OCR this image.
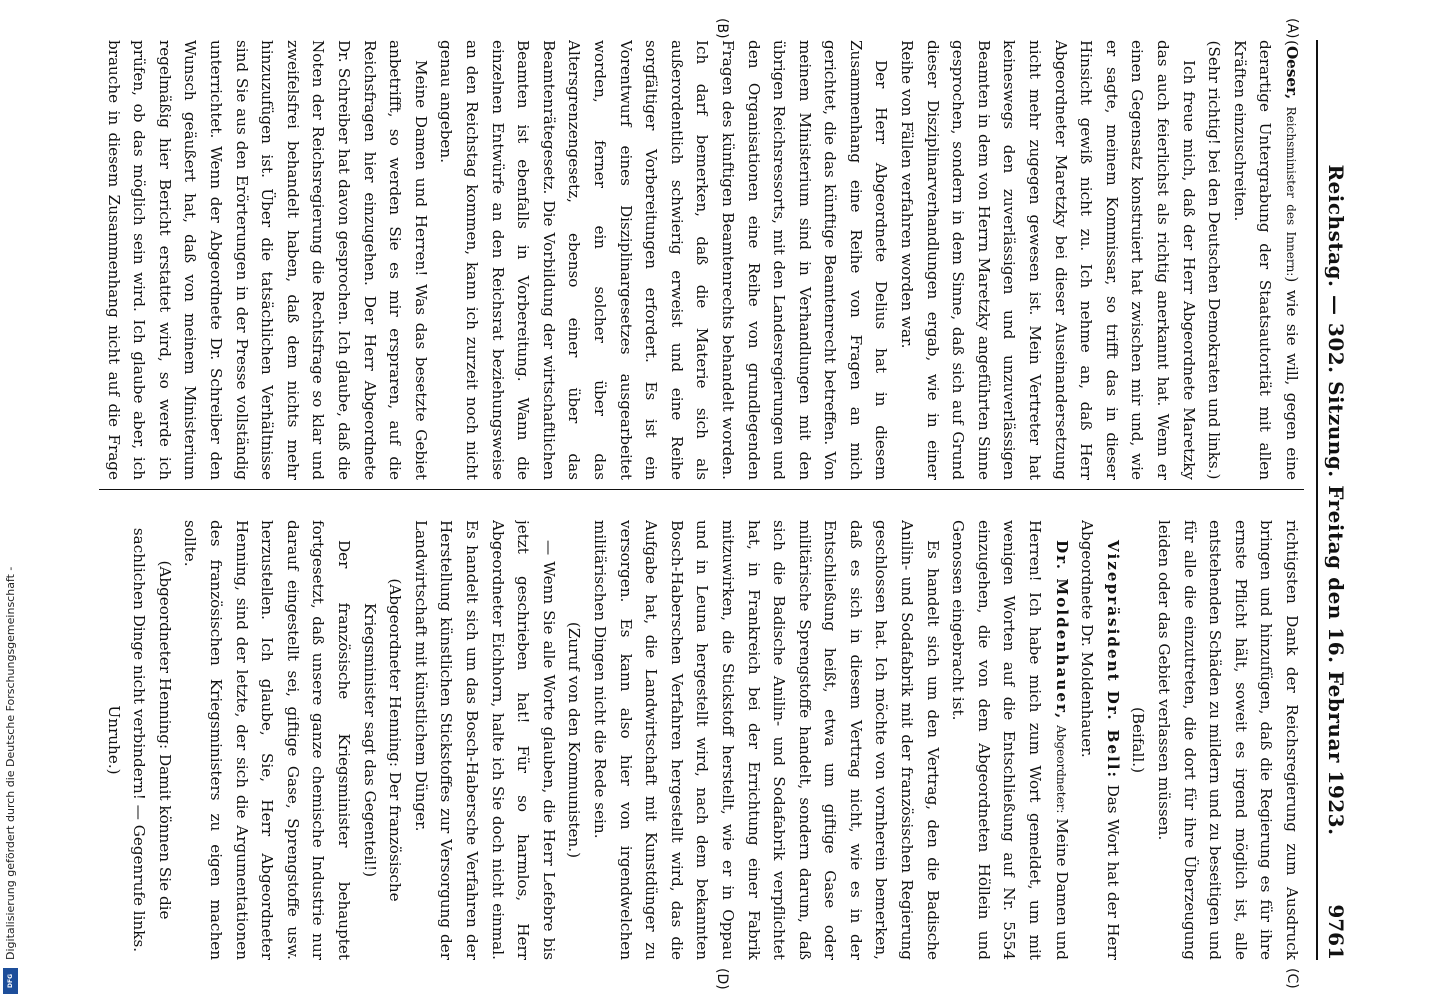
Reichstag. — 302. Sitzung. Freitag den 16. Februar 1923.
9761
(A)
(B)
(C)
(D)

(Oeser, Reichsminister des Innern:) wie sie will, gegen eine derartige Untergrabung der Staatsautorität mit allen Kräften einzuschreiten.

(Sehr richtig! bei den Deutschen Demokraten und links.)

Ich freue mich, daß der Herr Abgeordnete Maretzky das auch feierlichst als richtig anerkannt hat. Wenn er einen Gegensatz konstruiert hat zwischen mir und, wie er sagte, meinem Kommissar, so trifft das in dieser Hinsicht gewiß nicht zu. Ich nehme an, daß Herr Abgeordneter Maretzky bei dieser Auseinandersetzung nicht mehr zugegen gewesen ist. Mein Vertreter hat keineswegs den zuverlässigen und unzuverlässigen Beamten in dem von Herrn Maretzky angeführten Sinne gesprochen, sondern in dem Sinne, daß sich auf Grund dieser Disziplinarverhandlungen ergab, wie in einer Reihe von Fällen verfahren worden war.

Der Herr Abgeordnete Delius hat in diesem Zusammenhang eine Reihe von Fragen an mich gerichtet, die das künftige Beamtenrecht betreffen. Von meinem Ministerium sind in Verhandlungen mit den übrigen Reichsressorts, mit den Landesregierungen und den Organisationen eine Reihe von grundlegenden Fragen des künftigen Beamtenrechts behandelt worden. Ich darf bemerken, daß die Materie sich als außerordentlich schwierig erweist und eine Reihe sorgfältiger Vorbereitungen erfordert. Es ist ein Vorentwurf eines Disziplinargesetzes ausgearbeitet worden, ferner ein solcher über das Altersgrenzengesetz, ebenso einer über das Beamtenrätegesetz. Die Vorbildung der wirtschaftlichen Beamten ist ebenfalls in Vorbereitung. Wann die einzelnen Entwürfe an den Reichsrat beziehungsweise an den Reichstag kommen, kann ich zurzeit noch nicht genau angeben.

Meine Damen und Herren! Was das besetzte Gebiet anbetrifft, so werden Sie es mir erspraren, auf die Reichsfragen hier einzugehen. Der Herr Abgeordnete Dr. Schreiber hat davon gesprochen. Ich glaube, daß die Noten der Reichsregierung die Rechtsfrage so klar und zweifelsfrei behandelt haben, daß dem nichts mehr hinzuzufügen ist. Über die tatsächlichen Verhältnisse sind Sie aus den Erörterungen in der Presse vollständig unterrichtet. Wenn der Abgeordnete Dr. Schreiber den Wunsch geäußert hat, daß von meinem Ministerium regelmäßig hier Bericht erstattet wird, so werde ich prüfen, ob das möglich sein wird. Ich glaube aber, ich brauche in diesem Zusammenhang nicht auf die Frage

richtigsten Dank der Reichsregierung zum Ausdruck bringen und hinzufügen, daß die Regierung es für ihre ernste Pflicht hält, soweit es irgend möglich ist, alle entstehenden Schäden zu mildern und zu beseitigen und für alle die einzutreten, die dort für ihre Überzeugung leiden oder das Gebiet verlassen müssen.

(Beifall.)

Vizepräsident Dr. Bell: Das Wort hat der Herr Abgeordnete Dr. Moldenhauer.

Dr. Moldenhauer, Abgeordneter: Meine Damen und Herren! Ich habe mich zum Wort gemeldet, um mit wenigen Worten auf die Entschließung auf Nr. 5554 einzugehen, die von dem Abgeordneten Höllein und Genossen eingebracht ist.

Es handelt sich um den Vertrag, den die Badische Anilin- und Sodafabrik mit der französischen Regierung geschlossen hat. Ich möchte von vornherein bemerken, daß es sich in diesem Vertrag nicht, wie es in der Entschließung heißt, etwa um giftige Gase oder militärische Sprengstoffe handelt, sondern darum, daß sich die Badische Anilin- und Sodafabrik verpflichtet hat, in Frankreich bei der Errichtung einer Fabrik mitzuwirken, die Stickstoff herstellt, wie er in Oppau und in Leuna hergestellt wird, nach dem bekannten Bosch-Haberschen Verfahren hergestellt wird, das die Aufgabe hat, die Landwirtschaft mit Kunstdünger zu versorgen. Es kann also hier von irgendwelchen militärischen Dingen nicht die Rede sein.

(Zuruf von den Kommunisten.)

— Wenn Sie alle Worte glauben, die Herr Lefebre bis jetzt geschrieben hat! Für so harmlos, Herr Abgeordneter Eichhorn, halte ich Sie doch nicht einmal. Es handelt sich um das Bosch-Habersche Verfahren der Herstellung künstlichen Stickstoffes zur Versorgung der Landwirtschaft mit künstlichem Dünger.

(Abgeordneter Henning: Der französische Kriegsminister sagt das Gegenteil!)

Der französische Kriegsminister behauptet fortgesetzt, daß unsere ganze chemische Industrie nur darauf eingestellt sei, giftige Gase, Sprengstoffe usw. herzustellen. Ich glaube, Sie, Herr Abgeordneter Henning, sind der letzte, der sich die Argumentationen des französischen Kriegsministers zu eigen machen sollte.

(Abgeordneter Henning: Damit können Sie die sachlichen Dinge nicht verbindern! — Gegenrufe links. Unruhe.)

Digitalisierung gefördert durch die Deutsche Forschungsgemeinschaft -
DFG
